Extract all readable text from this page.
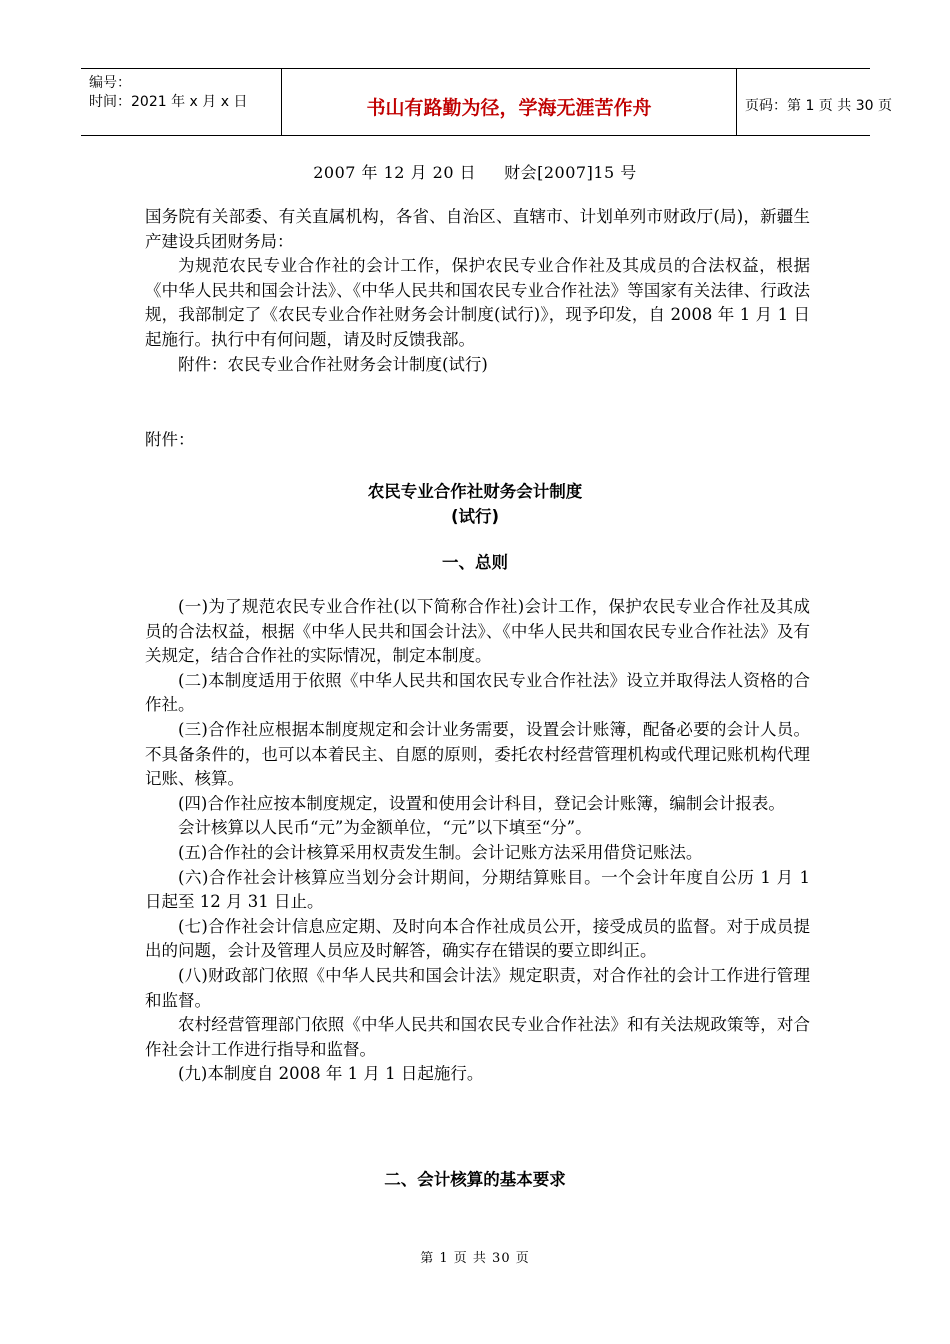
编号：
时间：2021 年 x 月 x 日	书山有路勤为径，学海无涯苦作舟	页码：第 1 页 共 30 页
2007 年 12 月 20 日 财会[2007]15 号

国务院有关部委、有关直属机构，各省、自治区、直辖市、计划单列市财政厅(局)，新疆生产建设兵团财务局：

为规范农民专业合作社的会计工作，保护农民专业合作社及其成员的合法权益，根据《中华人民共和国会计法》、《中华人民共和国农民专业合作社法》等国家有关法律、行政法规，我部制定了《农民专业合作社财务会计制度(试行)》，现予印发，自 2008 年 1 月 1 日起施行。执行中有何问题，请及时反馈我部。

附件：农民专业合作社财务会计制度(试行)

附件：

农民专业合作社财务会计制度
(试行)
一、总则

(一)为了规范农民专业合作社(以下简称合作社)会计工作，保护农民专业合作社及其成员的合法权益，根据《中华人民共和国会计法》、《中华人民共和国农民专业合作社法》及有关规定，结合合作社的实际情况，制定本制度。

(二)本制度适用于依照《中华人民共和国农民专业合作社法》设立并取得法人资格的合作社。

(三)合作社应根据本制度规定和会计业务需要，设置会计账簿，配备必要的会计人员。不具备条件的，也可以本着民主、自愿的原则，委托农村经营管理机构或代理记账机构代理记账、核算。

(四)合作社应按本制度规定，设置和使用会计科目，登记会计账簿，编制会计报表。

会计核算以人民币“元”为金额单位，“元”以下填至“分”。

(五)合作社的会计核算采用权责发生制。会计记账方法采用借贷记账法。

(六)合作社会计核算应当划分会计期间，分期结算账目。一个会计年度自公历 1 月 1 日起至 12 月 31 日止。

(七)合作社会计信息应定期、及时向本合作社成员公开，接受成员的监督。对于成员提出的问题，会计及管理人员应及时解答，确实存在错误的要立即纠正。

(八)财政部门依照《中华人民共和国会计法》规定职责，对合作社的会计工作进行管理和监督。

农村经营管理部门依照《中华人民共和国农民专业合作社法》和有关法规政策等，对合作社会计工作进行指导和监督。

(九)本制度自 2008 年 1 月 1 日起施行。

二、会计核算的基本要求
第 1 页 共 30 页
